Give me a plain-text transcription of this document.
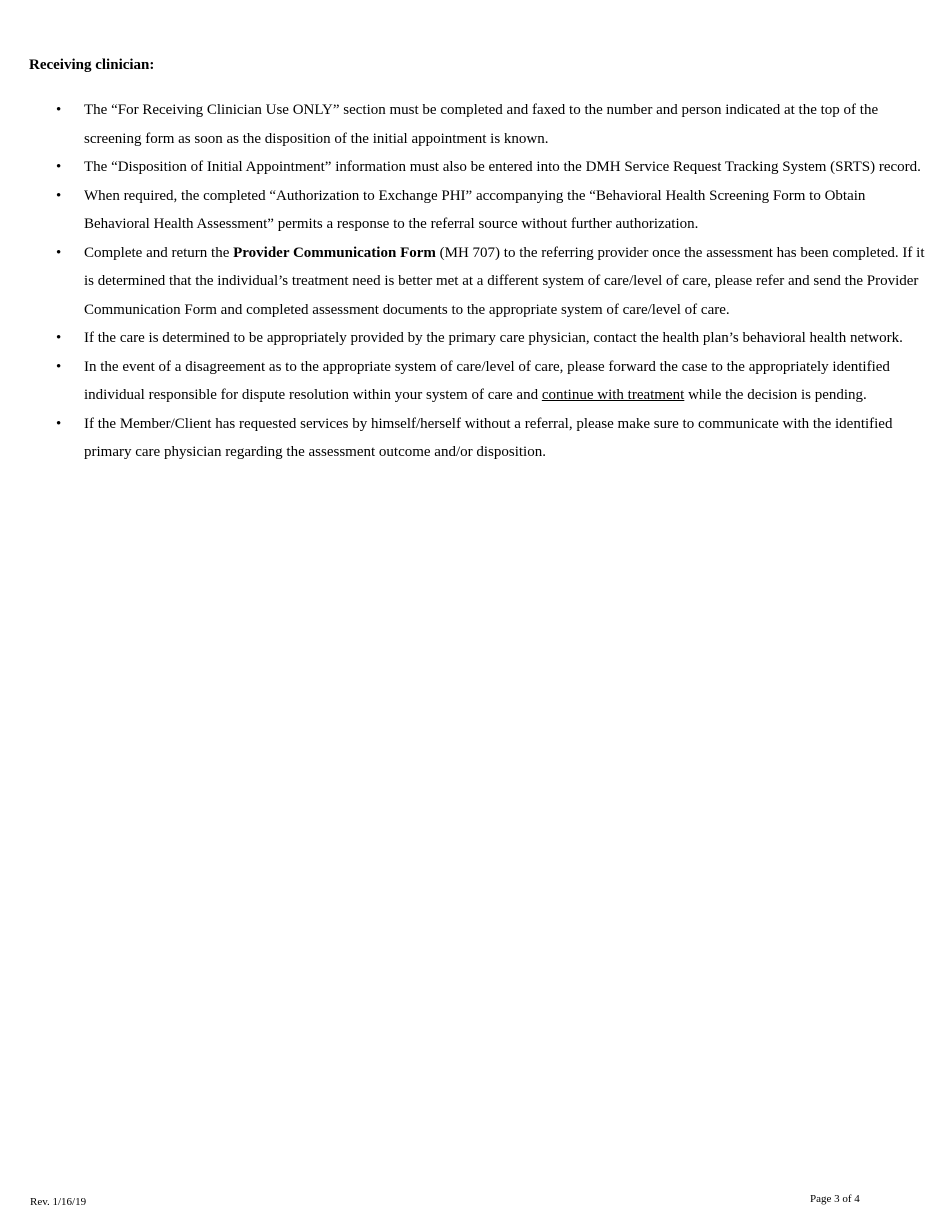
Receiving clinician:

• The “For Receiving Clinician Use ONLY” section must be completed and faxed to the number and person indicated at the top of the screening form as soon as the disposition of the initial appointment is known.
• The “Disposition of Initial Appointment” information must also be entered into the DMH Service Request Tracking System (SRTS) record.
• When required, the completed “Authorization to Exchange PHI” accompanying the “Behavioral Health Screening Form to Obtain Behavioral Health Assessment” permits a response to the referral source without further authorization.
• Complete and return the Provider Communication Form (MH 707) to the referring provider once the assessment has been completed. If it is determined that the individual’s treatment need is better met at a different system of care/level of care, please refer and send the Provider Communication Form and completed assessment documents to the appropriate system of care/level of care.
• If the care is determined to be appropriately provided by the primary care physician, contact the health plan’s behavioral health network.
• In the event of a disagreement as to the appropriate system of care/level of care, please forward the case to the appropriately identified individual responsible for dispute resolution within your system of care and continue with treatment while the decision is pending.
• If the Member/Client has requested services by himself/herself without a referral, please make sure to communicate with the identified primary care physician regarding the assessment outcome and/or disposition.
Rev. 1/16/19	Page 3 of 4
